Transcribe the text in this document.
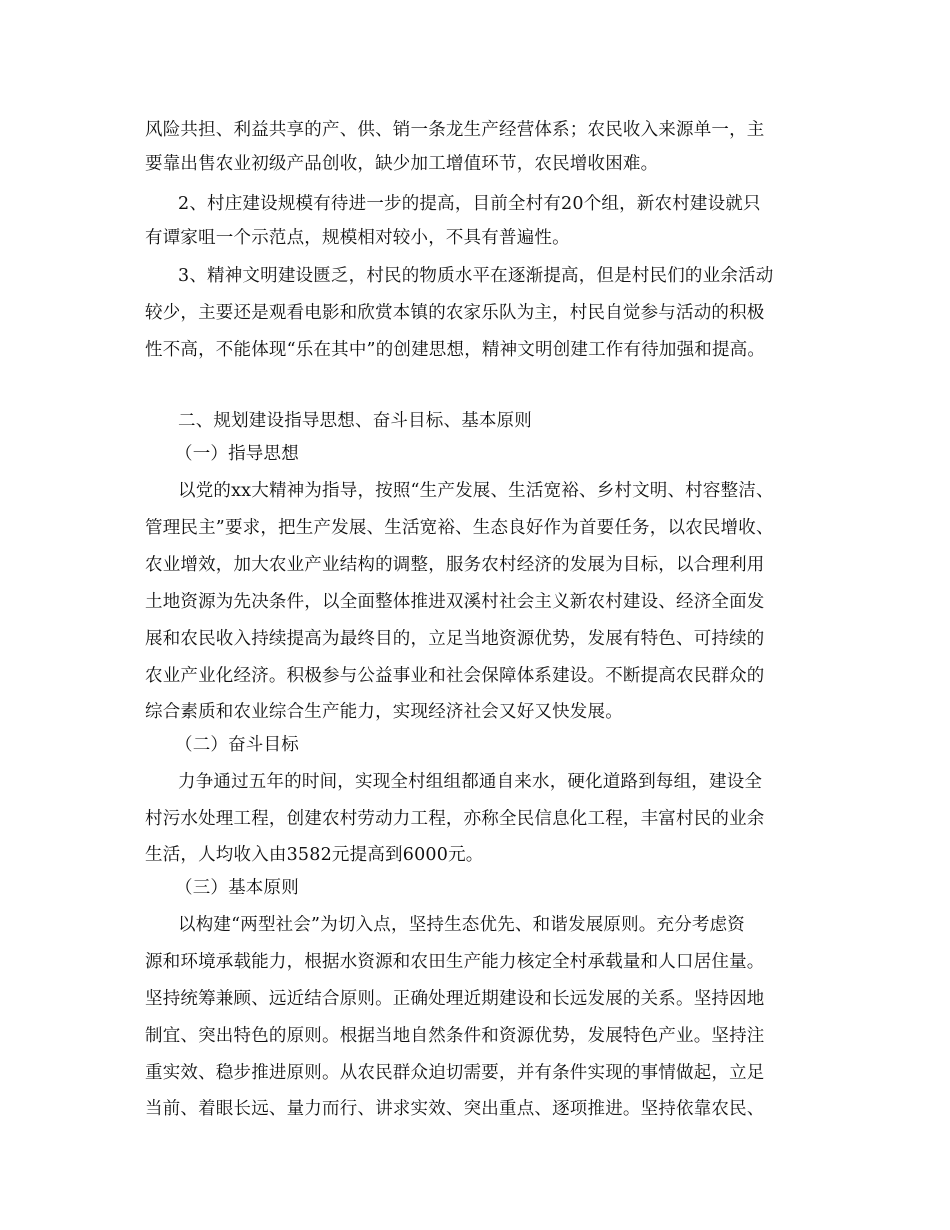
风险共担、利益共享的产、供、销一条龙生产经营体系；农民收入来源单一，主
要靠出售农业初级产品创收，缺少加工增值环节，农民增收困难。
2、村庄建设规模有待进一步的提高，目前全村有20个组，新农村建设就只
有谭家咀一个示范点，规模相对较小，不具有普遍性。
3、精神文明建设匮乏，村民的物质水平在逐渐提高，但是村民们的业余活动
较少，主要还是观看电影和欣赏本镇的农家乐队为主，村民自觉参与活动的积极
性不高，不能体现“乐在其中”的创建思想，精神文明创建工作有待加强和提高。
二、规划建设指导思想、奋斗目标、基本原则
（一）指导思想
以党的xx大精神为指导，按照“生产发展、生活宽裕、乡村文明、村容整洁、
管理民主”要求，把生产发展、生活宽裕、生态良好作为首要任务，以农民增收、
农业增效，加大农业产业结构的调整，服务农村经济的发展为目标，以合理利用
土地资源为先决条件，以全面整体推进双溪村社会主义新农村建设、经济全面发
展和农民收入持续提高为最终目的，立足当地资源优势，发展有特色、可持续的
农业产业化经济。积极参与公益事业和社会保障体系建设。不断提高农民群众的
综合素质和农业综合生产能力，实现经济社会又好又快发展。
（二）奋斗目标
力争通过五年的时间，实现全村组组都通自来水，硬化道路到每组，建设全
村污水处理工程，创建农村劳动力工程，亦称全民信息化工程，丰富村民的业余
生活，人均收入由3582元提高到6000元。
（三）基本原则
以构建“两型社会”为切入点，坚持生态优先、和谐发展原则。充分考虑资
源和环境承载能力，根据水资源和农田生产能力核定全村承载量和人口居住量。
坚持统筹兼顾、远近结合原则。正确处理近期建设和长远发展的关系。坚持因地
制宜、突出特色的原则。根据当地自然条件和资源优势，发展特色产业。坚持注
重实效、稳步推进原则。从农民群众迫切需要，并有条件实现的事情做起，立足
当前、着眼长远、量力而行、讲求实效、突出重点、逐项推进。坚持依靠农民、
